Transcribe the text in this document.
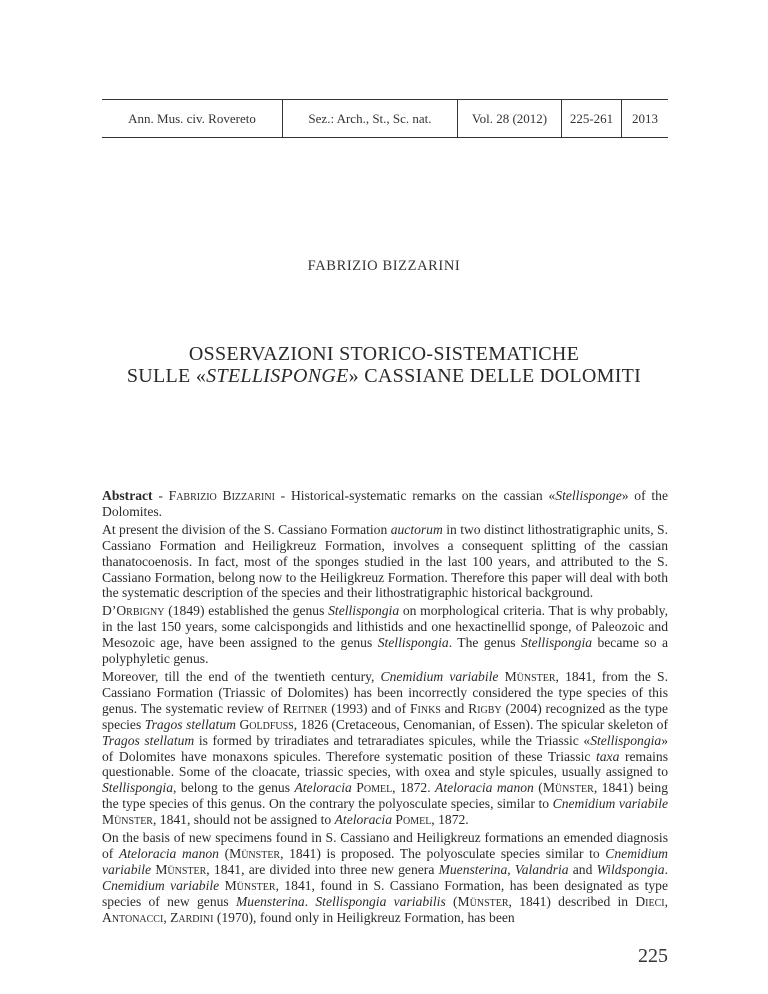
Ann. Mus. civ. Rovereto	Sez.: Arch., St., Sc. nat.	Vol. 28 (2012)	225-261	2013
FABRIZIO BIZZARINI
OSSERVAZIONI STORICO-SISTEMATICHE
SULLE «STELLISPONGE» CASSIANE DELLE DOLOMITI

Abstract - Fabrizio Bizzarini - Historical-systematic remarks on the cassian «Stellisponge» of the Dolomites.

At present the division of the S. Cassiano Formation auctorum in two distinct lithostratigraphic units, S. Cassiano Formation and Heiligkreuz Formation, involves a consequent splitting of the cassian thanatocoenosis. In fact, most of the sponges studied in the last 100 years, and attributed to the S. Cassiano Formation, belong now to the Heiligkreuz Formation. Therefore this paper will deal with both the systematic description of the species and their lithostratigraphic historical background.

D’Orbigny (1849) established the genus Stellispongia on morphological criteria. That is why probably, in the last 150 years, some calcispongids and lithistids and one hexactinellid sponge, of Paleozoic and Mesozoic age, have been assigned to the genus Stellispongia. The genus Stellispongia became so a polyphyletic genus.

Moreover, till the end of the twentieth century, Cnemidium variabile Münster, 1841, from the S. Cassiano Formation (Triassic of Dolomites) has been incorrectly considered the type species of this genus. The systematic review of Reitner (1993) and of Finks and Rigby (2004) recognized as the type species Tragos stellatum Goldfuss, 1826 (Cretaceous, Cenomanian, of Essen). The spicular skeleton of Tragos stellatum is formed by triradiates and tetraradiates spicules, while the Triassic «Stellispongia» of Dolomites have monaxons spicules. Therefore systematic position of these Triassic taxa remains questionable. Some of the cloacate, triassic species, with oxea and style spicules, usually assigned to Stellispongia, belong to the genus Ateloracia Pomel, 1872. Ateloracia manon (Münster, 1841) being the type species of this genus. On the contrary the polyosculate species, similar to Cnemidium variabile Münster, 1841, should not be assigned to Ateloracia Pomel, 1872.

On the basis of new specimens found in S. Cassiano and Heiligkreuz formations an emended diagnosis of Ateloracia manon (Münster, 1841) is proposed. The polyosculate species similar to Cnemidium variabile Münster, 1841, are divided into three new genera Muensterina, Valandria and Wildspongia. Cnemidium variabile Münster, 1841, found in S. Cassiano Formation, has been designated as type species of new genus Muensterina. Stellispongia variabilis (Münster, 1841) described in Dieci, Antonacci, Zardini (1970), found only in Heiligkreuz Formation, has been

225
